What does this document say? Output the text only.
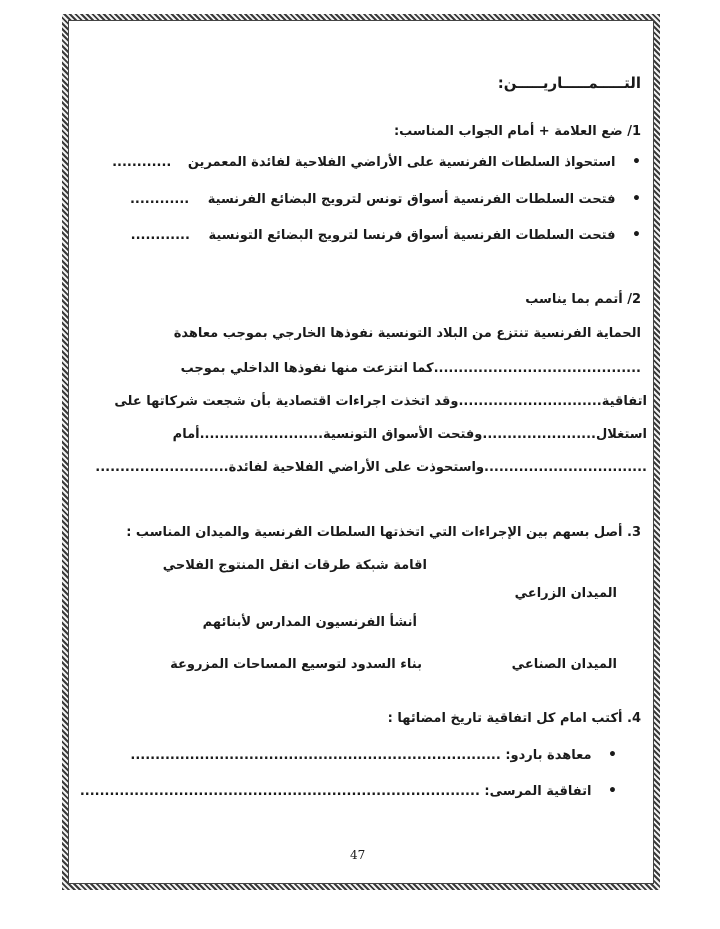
التـــــمـــــاريـــــن:
1/ ضع العلامة + أمام الجواب المناسب:
• استحواذ السلطات الفرنسية على الأراضي الفلاحية لفائدة المعمرين ............
• فتحت السلطات الفرنسية أسواق تونس لترويج البضائع الفرنسية ............
• فتحت السلطات الفرنسية أسواق فرنسا لترويج البضائع التونسية ............
2/ أتمم بما يناسب
الحماية الفرنسية تنتزع من البلاد التونسية نفوذها الخارجي بموجب معاهدة
..........................................كما انتزعت منها نفوذها الداخلي بموجب
اتفاقية.............................وقد اتخذت اجراءات اقتصادية بأن شجعت شركاتها على
استغلال.......................وفتحت الأسواق التونسية.........................أمام
.................................واستحوذت على الأراضي الفلاحية لفائدة...........................
3. أصل بسهم بين الإجراءات التي اتخذتها السلطات الفرنسية والميدان المناسب :
اقامة شبكة طرقات انقل المنتوج الفلاحي
الميدان الزراعي
أنشأ الفرنسيون المدارس لأبنائهم
الميدان الصناعي
بناء السدود لتوسيع المساحات المزروعة
4. أكتب امام كل اتفاقية تاريخ امضائها :
• معاهدة باردو: ...........................................................................
• اتفاقية المرسى: .................................................................................
47
